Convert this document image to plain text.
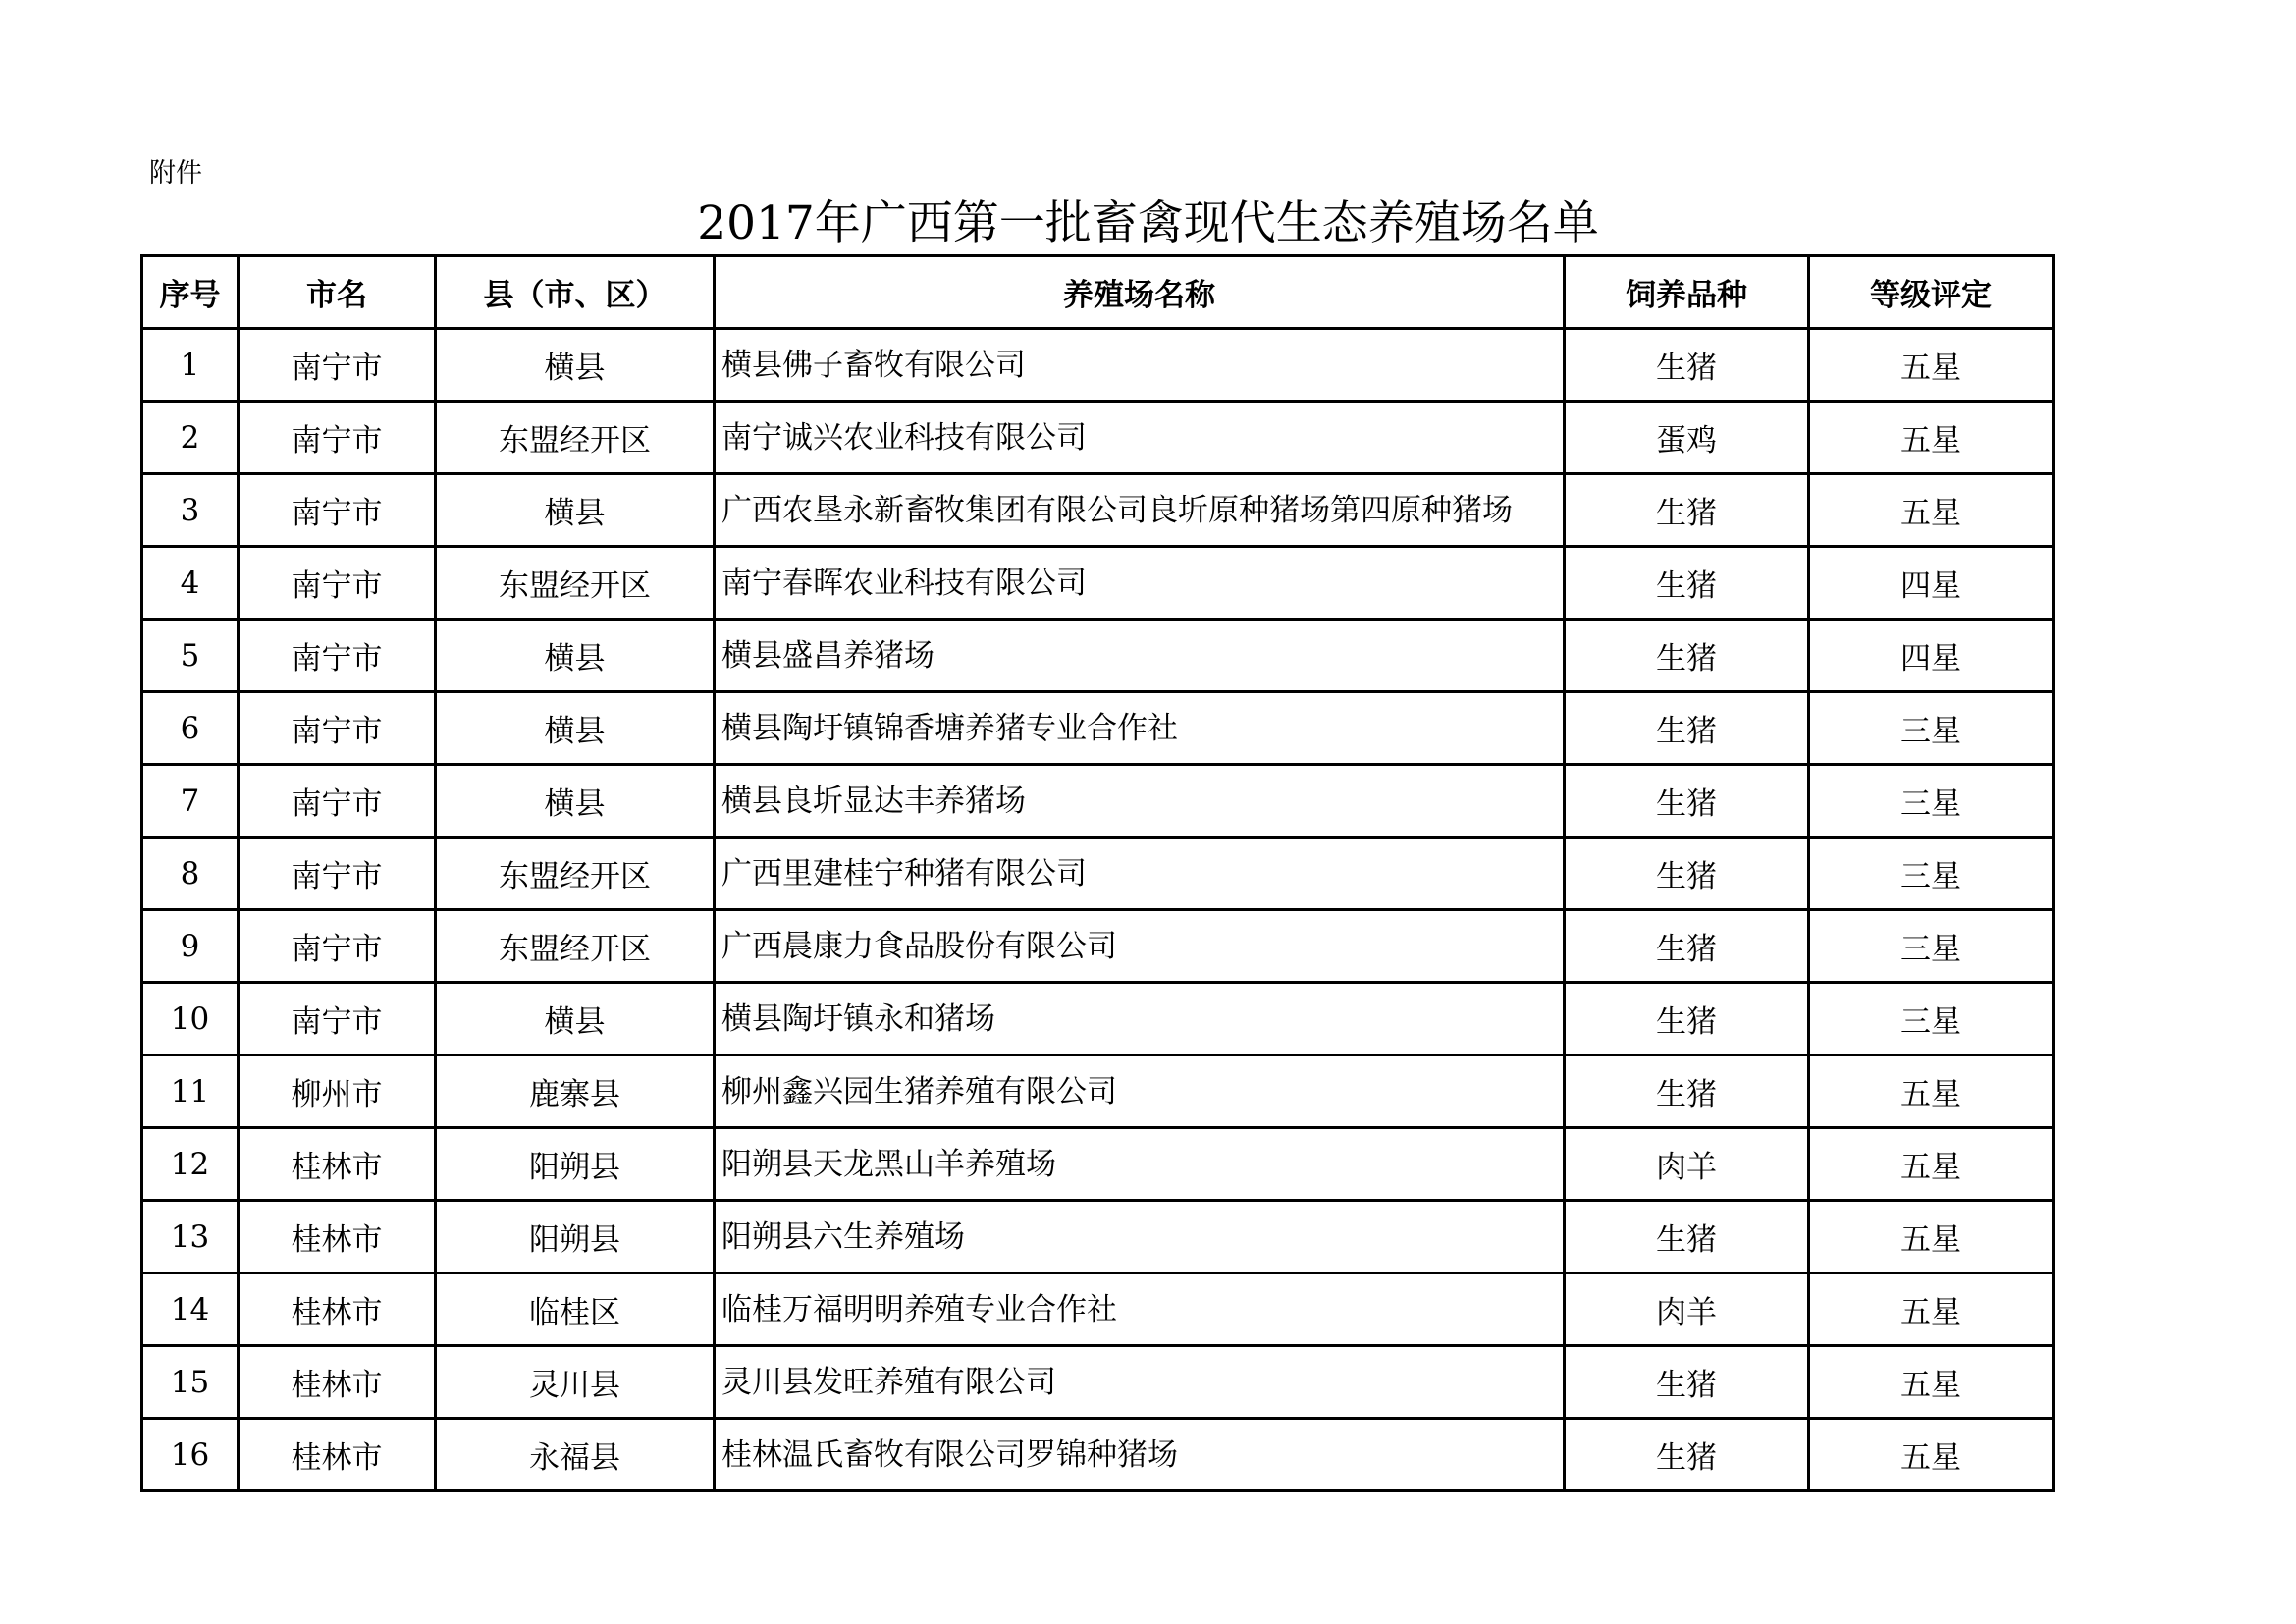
附件
2017年广西第一批畜禽现代生态养殖场名单
序号	市名	县（市、区）	养殖场名称	饲养品种	等级评定
1	南宁市	横县	横县佛子畜牧有限公司	生猪	五星
2	南宁市	东盟经开区	南宁诚兴农业科技有限公司	蛋鸡	五星
3	南宁市	横县	广西农垦永新畜牧集团有限公司良圻原种猪场第四原种猪场	生猪	五星
4	南宁市	东盟经开区	南宁春晖农业科技有限公司	生猪	四星
5	南宁市	横县	横县盛昌养猪场	生猪	四星
6	南宁市	横县	横县陶圩镇锦香塘养猪专业合作社	生猪	三星
7	南宁市	横县	横县良圻显达丰养猪场	生猪	三星
8	南宁市	东盟经开区	广西里建桂宁种猪有限公司	生猪	三星
9	南宁市	东盟经开区	广西晨康力食品股份有限公司	生猪	三星
10	南宁市	横县	横县陶圩镇永和猪场	生猪	三星
11	柳州市	鹿寨县	柳州鑫兴园生猪养殖有限公司	生猪	五星
12	桂林市	阳朔县	阳朔县天龙黑山羊养殖场	肉羊	五星
13	桂林市	阳朔县	阳朔县六生养殖场	生猪	五星
14	桂林市	临桂区	临桂万福明明养殖专业合作社	肉羊	五星
15	桂林市	灵川县	灵川县发旺养殖有限公司	生猪	五星
16	桂林市	永福县	桂林温氏畜牧有限公司罗锦种猪场	生猪	五星
